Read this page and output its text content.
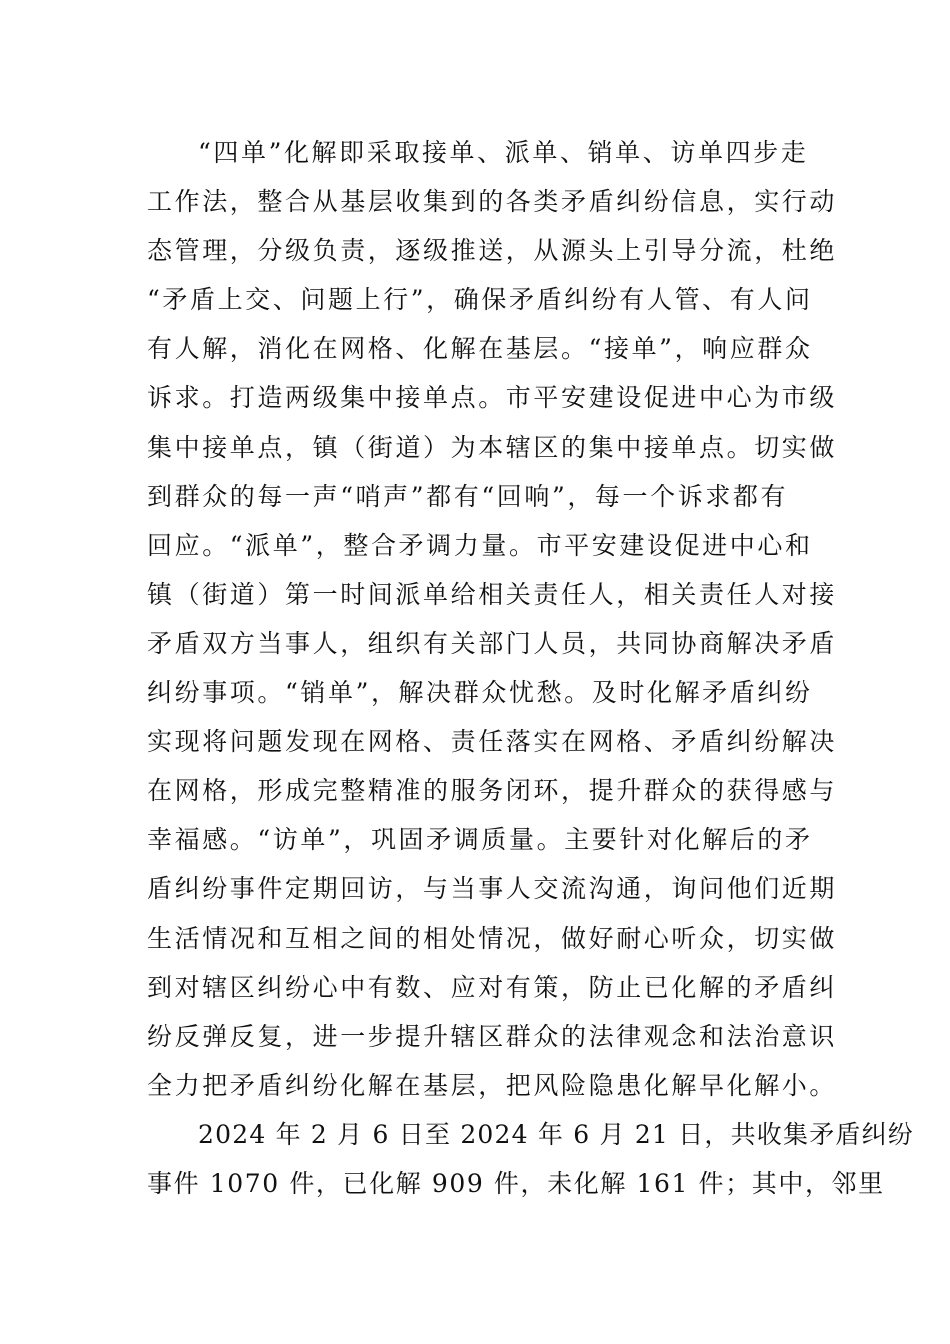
“四单”化解即采取接单、派单、销单、访单四步走
工作法，整合从基层收集到的各类矛盾纠纷信息，实行动
态管理，分级负责，逐级推送，从源头上引导分流，杜绝
“矛盾上交、问题上行”，确保矛盾纠纷有人管、有人问
有人解，消化在网格、化解在基层。“接单”，响应群众
诉求。打造两级集中接单点。市平安建设促进中心为市级
集中接单点，镇（街道）为本辖区的集中接单点。切实做
到群众的每一声“哨声”都有“回响”，每一个诉求都有
回应。“派单”，整合矛调力量。市平安建设促进中心和
镇（街道）第一时间派单给相关责任人，相关责任人对接
矛盾双方当事人，组织有关部门人员，共同协商解决矛盾
纠纷事项。“销单”，解决群众忧愁。及时化解矛盾纠纷
实现将问题发现在网格、责任落实在网格、矛盾纠纷解决
在网格，形成完整精准的服务闭环，提升群众的获得感与
幸福感。“访单”，巩固矛调质量。主要针对化解后的矛
盾纠纷事件定期回访，与当事人交流沟通，询问他们近期
生活情况和互相之间的相处情况，做好耐心听众，切实做
到对辖区纠纷心中有数、应对有策，防止已化解的矛盾纠
纷反弹反复，进一步提升辖区群众的法律观念和法治意识
全力把矛盾纠纷化解在基层，把风险隐患化解早化解小。
2024 年 2 月 6 日至 2024 年 6 月 21 日，共收集矛盾纠纷
事件 1070 件，已化解 909 件，未化解 161 件；其中，邻里
